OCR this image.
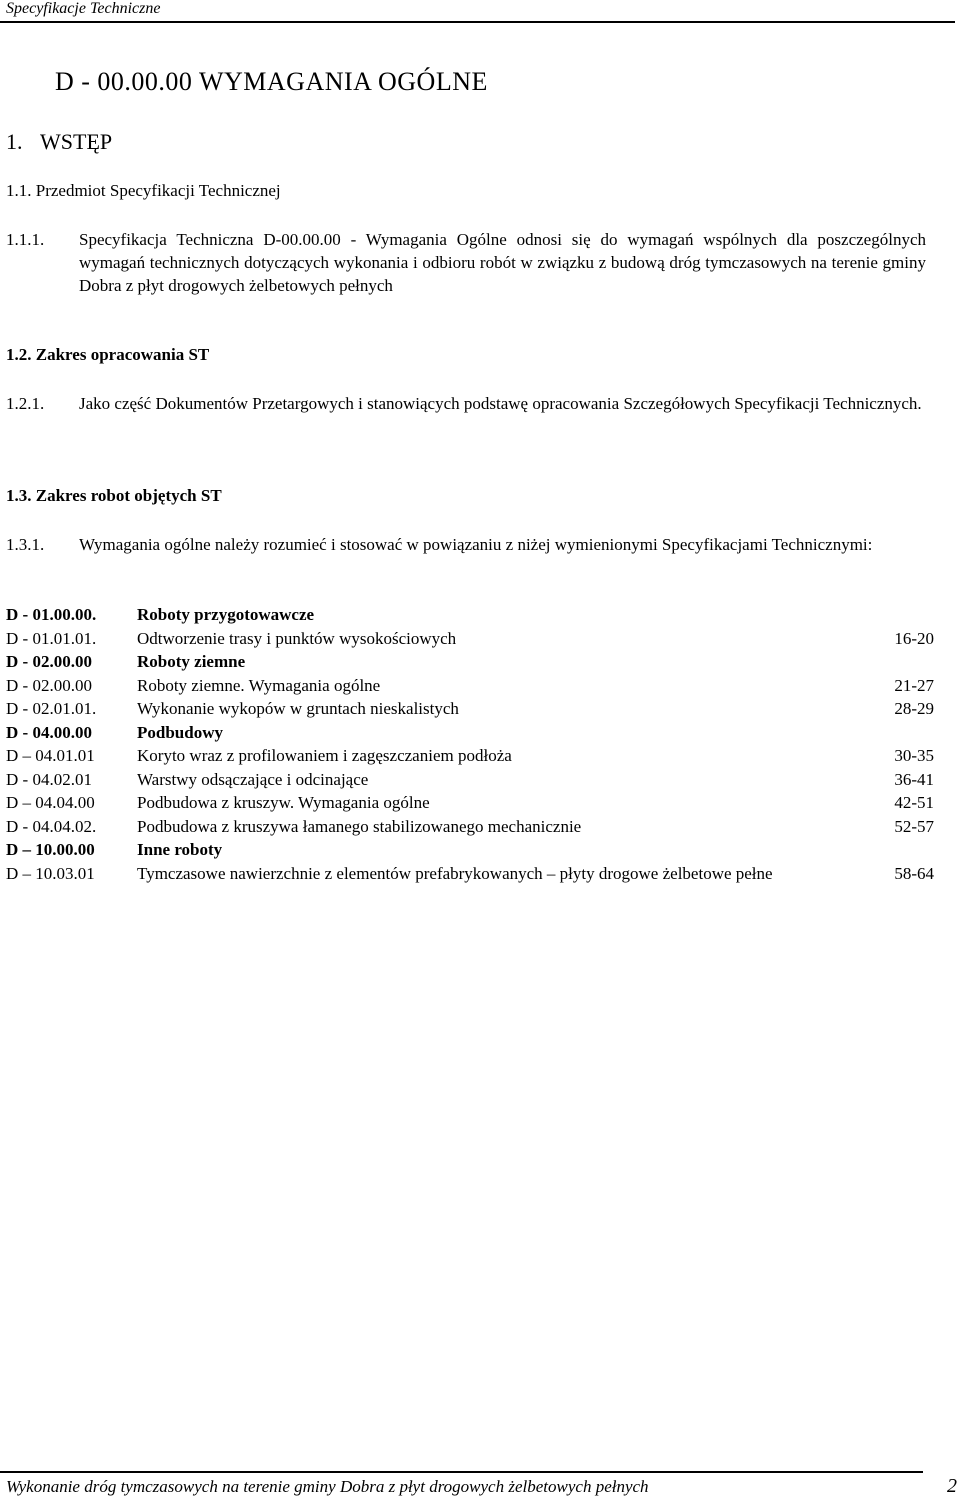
Specyfikacje Techniczne
D - 00.00.00 WYMAGANIA OGÓLNE
1. WSTĘP
1.1. Przedmiot Specyfikacji Technicznej
1.1.1. Specyfikacja Techniczna D-00.00.00 - Wymagania Ogólne odnosi się do wymagań wspólnych dla poszczególnych wymagań technicznych dotyczących wykonania i odbioru robót w związku z budową dróg tymczasowych na terenie gminy Dobra z płyt drogowych żelbetowych pełnych
1.2. Zakres opracowania ST
1.2.1. Jako część Dokumentów Przetargowych i stanowiących podstawę opracowania Szczegółowych Specyfikacji Technicznych.
1.3. Zakres robot objętych ST
1.3.1. Wymagania ogólne należy rozumieć i stosować w powiązaniu z niżej wymienionymi Specyfikacjami Technicznymi:
D - 01.00.00. Roboty przygotowawcze
D - 01.01.01. Odtworzenie trasy i punktów wysokościowych	16-20
D - 02.00.00	Roboty ziemne
D - 02.00.00	Roboty ziemne. Wymagania ogólne	21-27
D - 02.01.01. Wykonanie wykopów w gruntach nieskalistych	28-29
D - 04.00.00	Podbudowy
D – 04.01.01 Koryto wraz z profilowaniem i zagęszczaniem podłoża	30-35
D - 04.02.01	Warstwy odsączające i odcinające	36-41
D – 04.04.00 Podbudowa z kruszyw. Wymagania ogólne	42-51
D - 04.04.02. Podbudowa z kruszywa łamanego stabilizowanego mechanicznie	52-57
D – 10.00.00 Inne roboty
D – 10.03.01 Tymczasowe nawierzchnie z elementów prefabrykowanych – płyty drogowe żelbetowe pełne	58-64
Wykonanie dróg tymczasowych na terenie gminy Dobra z płyt drogowych żelbetowych pełnych	2
